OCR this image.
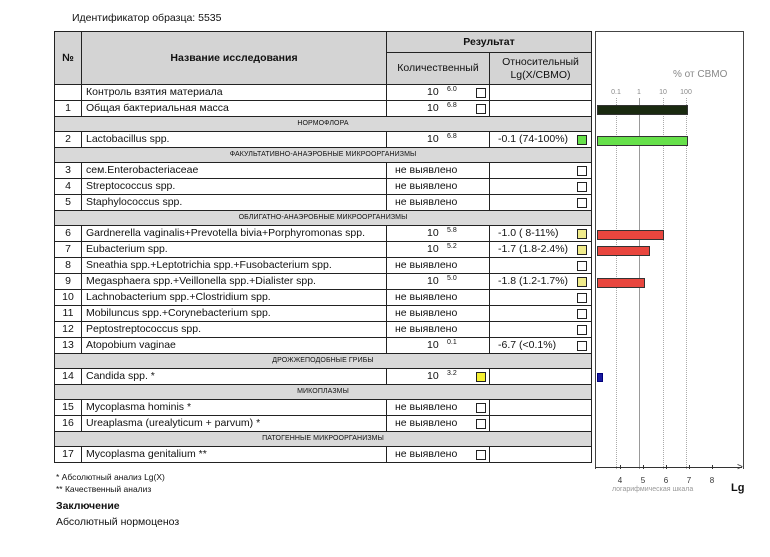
Идентификатор образца: 5535
№	Название исследования	Результат	
		Количественный	Относительный
Lg(X/CBMO)

	Контроль взятия материала	10 6.0	

1	Общая бактериальная масса	10 6.8	

НОРМОФЛОРА			
2	Lactobacillus spp.	10 6.8	-0.1 (74-100%)

ФАКУЛЬТАТИВНО-АНАЭРОБНЫЕ МИКРООРГАНИЗМЫ			
3	сем.Enterobacteriaceae	не выявлено	

4	Streptococcus spp.	не выявлено	

5	Staphylococcus spp.	не выявлено	

ОБЛИГАТНО-АНАЭРОБНЫЕ МИКРООРГАНИЗМЫ			
6	Gardnerella vaginalis+Prevotella bivia+Porphyromonas spp.	10 5.8	-1.0 ( 8-11%)

7	Eubacterium spp.	10 5.2	-1.7 (1.8-2.4%)

8	Sneathia spp.+Leptotrichia spp.+Fusobacterium spp.	не выявлено	

9	Megasphaera spp.+Veillonella spp.+Dialister spp.	10 5.0	-1.8 (1.2-1.7%)

10	Lachnobacterium spp.+Clostridium spp.	не выявлено	

11	Mobiluncus spp.+Corynebacterium spp.	не выявлено	

12	Peptostreptococcus spp.	не выявлено	

13	Atopobium vaginae	10 0.1	-6.7 (<0.1%)

ДРОЖЖЕПОДОБНЫЕ ГРИБЫ			
14	Candida spp. *	10 3.2	

МИКОПЛАЗМЫ			
15	Mycoplasma hominis *	не выявлено	

16	Ureaplasma (urealyticum + parvum) *	не выявлено	

ПАТОГЕННЫЕ МИКРООРГАНИЗМЫ			
17	Mycoplasma genitalium **	не выявлено	

% от CBMO
0.1 1	10 100
>
4 5 6 7 8
логарифмическая шкала	Lg
* Абсолютный анализ Lg(X)
** Качественный анализ
Заключение
Абсолютный нормоценоз
